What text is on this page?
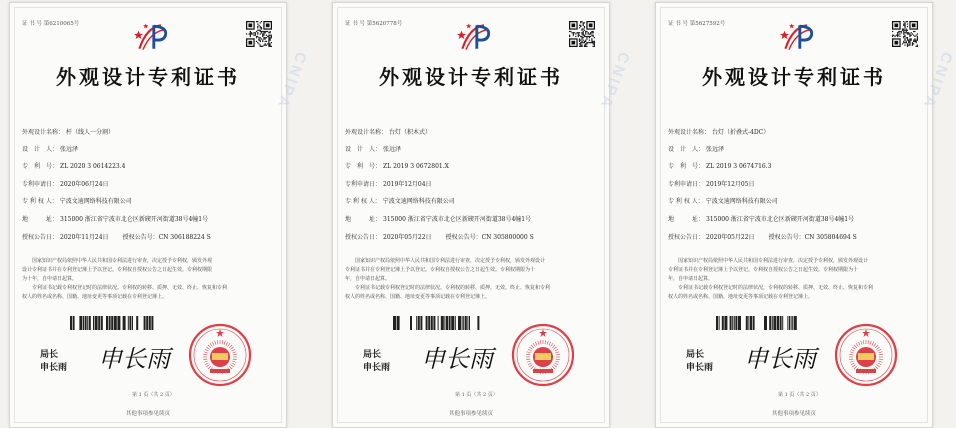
CNIPA
证 书 号 第6210065号
外观设计专利证书
外观设计名称： 杆（线人一分割）
设　计　人： 张远泽
专　利　号： ZL 2020 3 0614223.4
专利申请日： 2020年06月24日
专 利 权 人： 宁波文迪网络科技有限公司
地　　　址： 315000 浙江省宁波市北仑区新碶开河街道38号4幢1号
授权公告日： 2020年11月24日 授权公告号：CN 306188224 S
国家知识产权局依照中华人民共和国专利法进行审查，决定授予专利权，颁发外观
设计专利证书并在专利登记簿上予以登记。专利权自授权公告之日起生效。专利权期限
为十年，自申请日起算。
专利证书记载专利权登记时的法律状况。专利权的转移、质押、无效、终止、恢复和专利
权人的姓名或名称、国籍、地址变更等事项记载在专利登记簿上。
局长
申长雨 申长雨
第 1 页（共 2 页）
其他事项参见续页
CNIPA
证 书 号 第5620778号
外观设计专利证书
外观设计名称： 台灯（积木式）
设　计　人： 张远泽
专　利　号： ZL 2019 3 0672801.X
专利申请日： 2019年12月04日
专 利 权 人： 宁波文迪网络科技有限公司
地　　　址： 315000 浙江省宁波市北仑区新碶开河街道38号4幢1号
授权公告日： 2020年05月22日 授权公告号：CN 305800000 S
国家知识产权局依照中华人民共和国专利法进行审查，决定授予专利权，颁发外观设计
专利证书并在专利登记簿上予以登记。专利权自授权公告之日起生效。专利权期限为十
年，自申请日起算。
专利证书记载专利权登记时的法律状况。专利权的转移、质押、无效、终止、恢复和专利
权人的姓名或名称、国籍、地址变更等事项记载在专利登记簿上。
局长
申长雨 申长雨
第 1 页（共 2 页）
其他事项参见续页
CNIPA
证 书 号 第5627592号
外观设计专利证书
外观设计名称： 台灯（折叠式-4DC）
设　计　人： 张远泽
专　利　号： ZL 2019 3 0674716.3
专利申请日： 2019年12月05日
专 利 权 人： 宁波文迪网络科技有限公司
地　　　址： 315000 浙江省宁波市北仑区新碶开河街道38号4幢1号
授权公告日： 2020年05月22日 授权公告号：CN 305804694 S
国家知识产权局依照中华人民共和国专利法进行审查，决定授予专利权，颁发外观设计
专利证书并在专利登记簿上予以登记。专利权自授权公告之日起生效。专利权期限为十
年，自申请日起算。
专利证书记载专利权登记时的法律状况。专利权的转移、质押、无效、终止、恢复和专利
权人的姓名或名称、国籍、地址变更等事项记载在专利登记簿上。
局长
申长雨 申长雨
第 1 页（共 2 页）
其他事项参见续页
